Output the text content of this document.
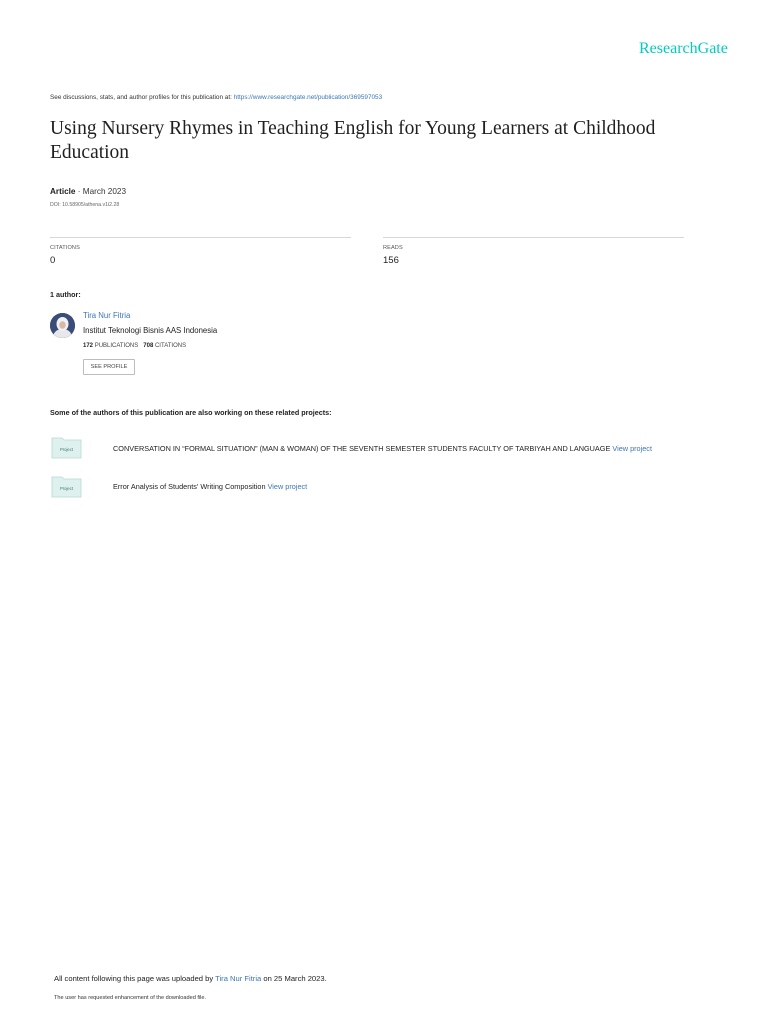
ResearchGate
See discussions, stats, and author profiles for this publication at: https://www.researchgate.net/publication/369597053
Using Nursery Rhymes in Teaching English for Young Learners at Childhood Education
Article · March 2023
DOI: 10.58905/athena.v1i2.28
CITATIONS
0
READS
156
1 author:
Tira Nur Fitria
Institut Teknologi Bisnis AAS Indonesia
172 PUBLICATIONS 708 CITATIONS
SEE PROFILE
Some of the authors of this publication are also working on these related projects:
Project	CONVERSATION IN “FORMAL SITUATION” (MAN & WOMAN) OF THE SEVENTH SEMESTER STUDENTS FACULTY OF TARBIYAH AND LANGUAGE View project
Project	Error Analysis of Students' Writing Composition View project
All content following this page was uploaded by Tira Nur Fitria on 25 March 2023.
The user has requested enhancement of the downloaded file.
